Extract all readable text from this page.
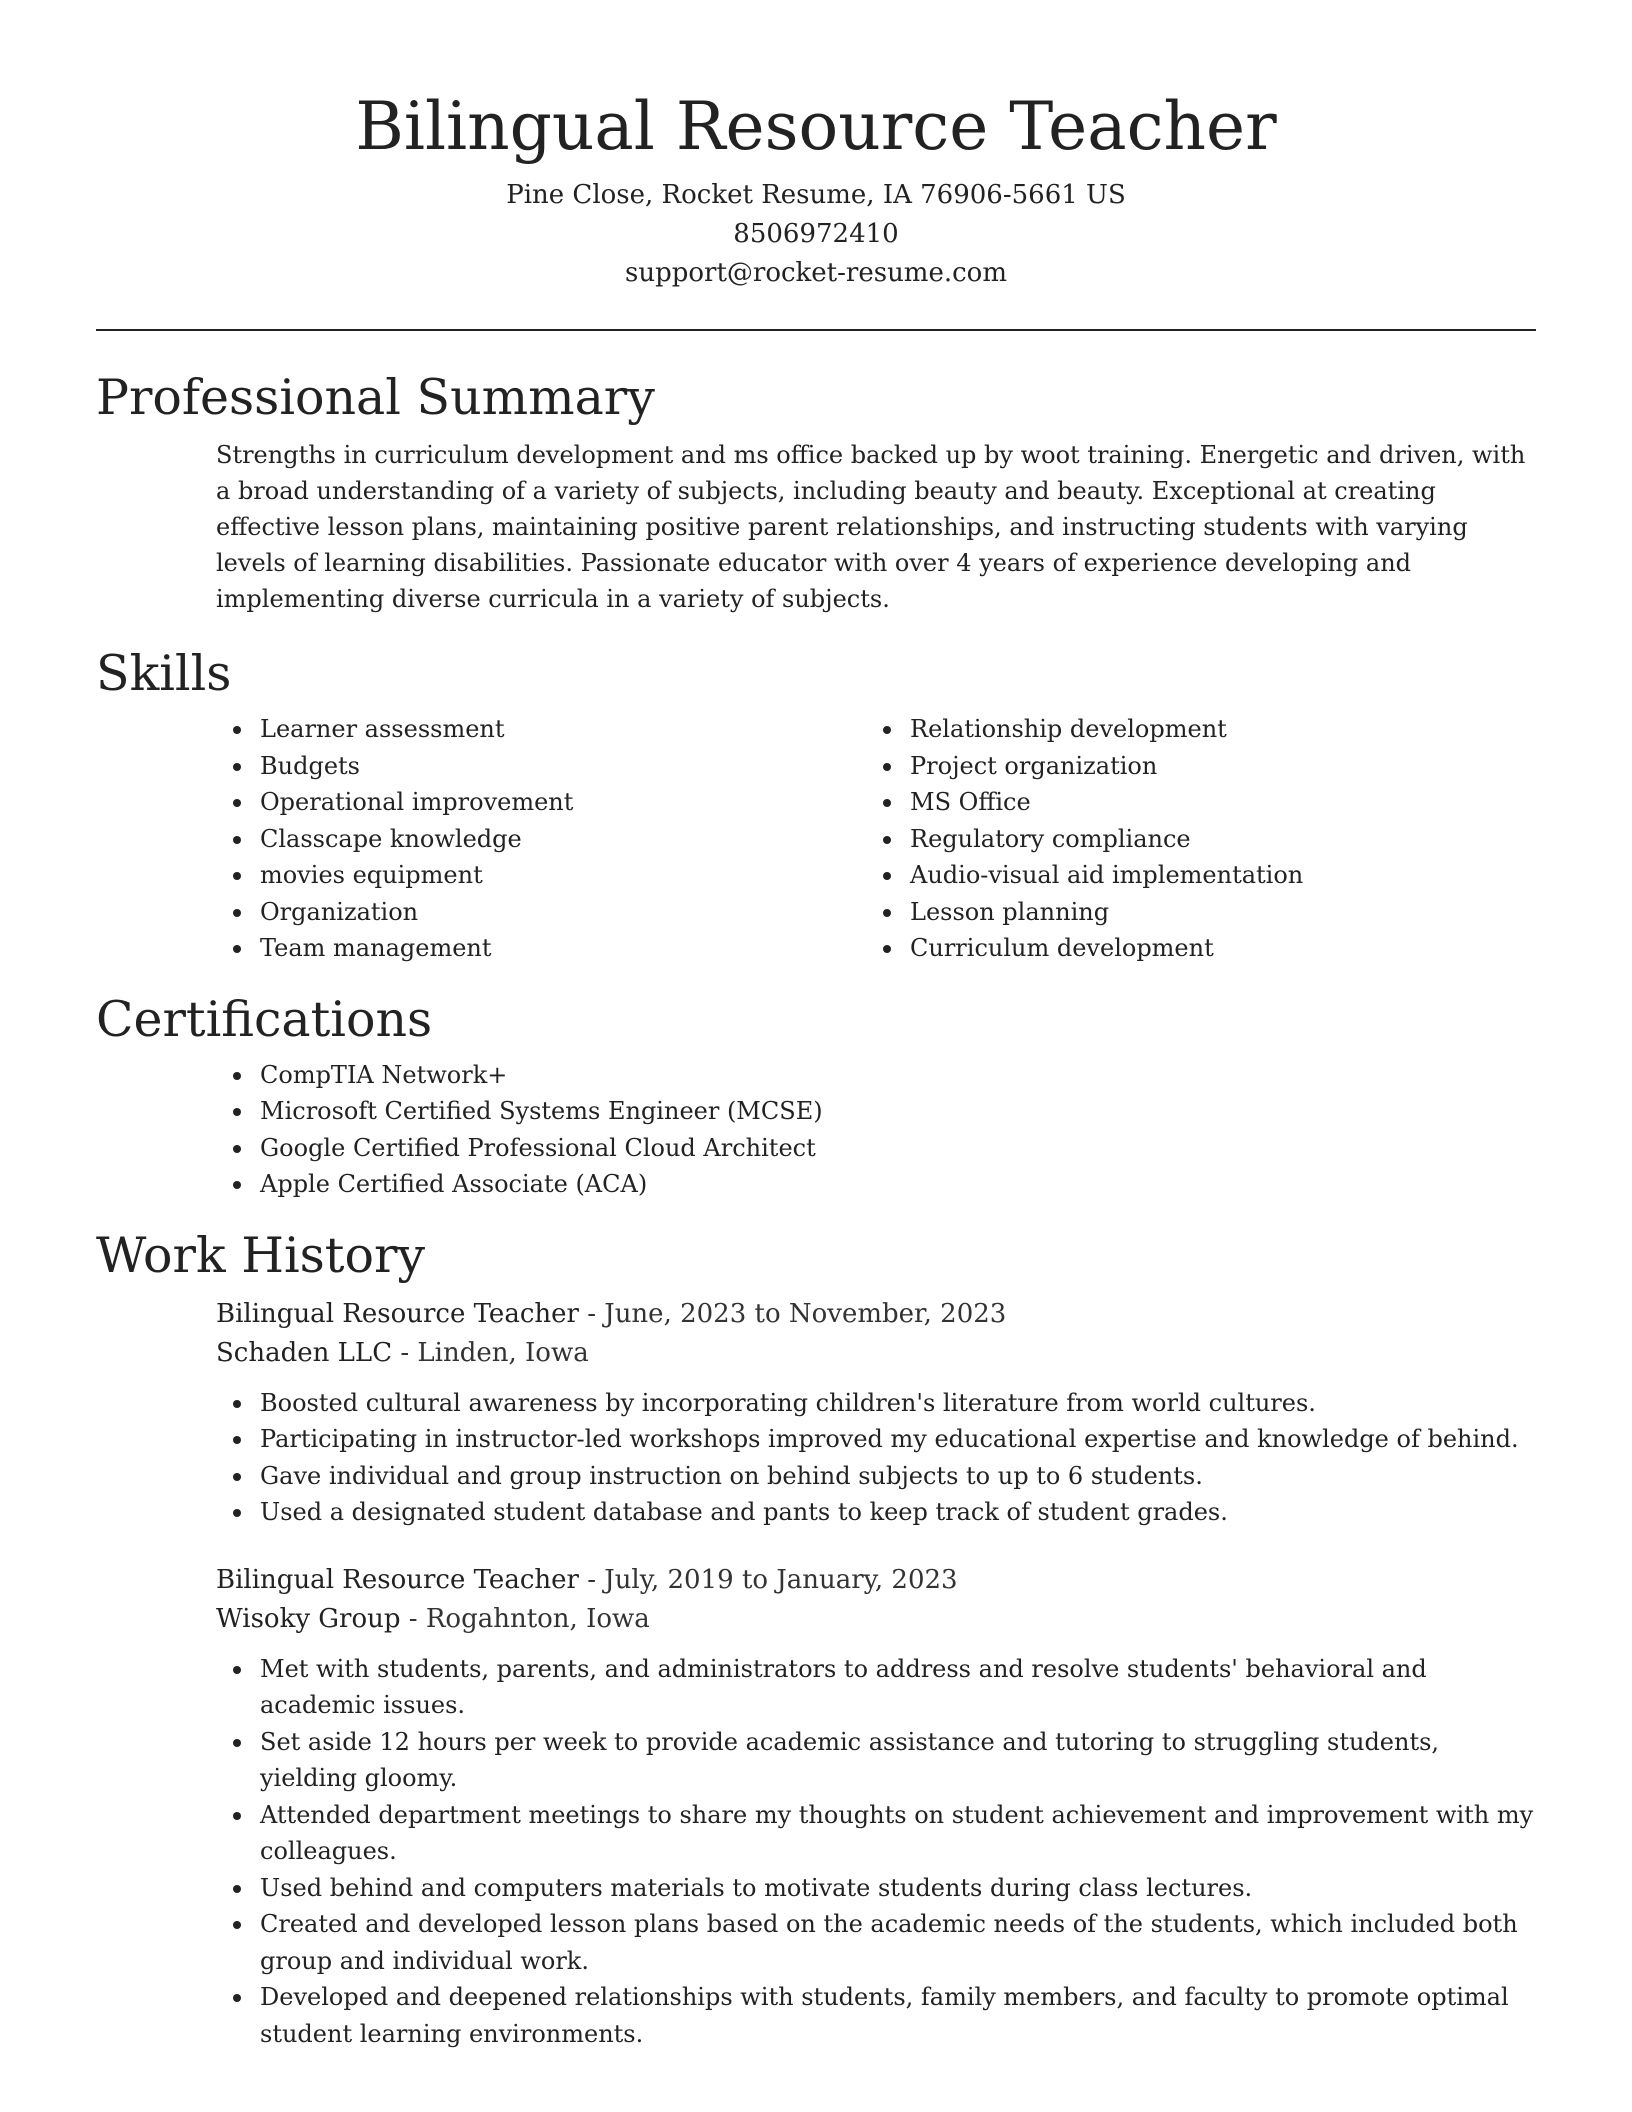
Bilingual Resource Teacher

Pine Close, Rocket Resume, IA 76906-5661 US

8506972410

support@rocket-resume.com

Professional Summary

Strengths in curriculum development and ms office backed up by woot training. Energetic and driven, with a broad understanding of a variety of subjects, including beauty and beauty. Exceptional at creating effective lesson plans, maintaining positive parent relationships, and instructing students with varying levels of learning disabilities. Passionate educator with over 4 years of experience developing and implementing diverse curricula in a variety of subjects.

Skills
Learner assessment
Budgets
Operational improvement
Classcape knowledge
movies equipment
Organization
Team management
Relationship development
Project organization
MS Office
Regulatory compliance
Audio-visual aid implementation
Lesson planning
Curriculum development
Certifications
CompTIA Network+
Microsoft Certified Systems Engineer (MCSE)
Google Certified Professional Cloud Architect
Apple Certified Associate (ACA)
Work History

Bilingual Resource Teacher - June, 2023 to November, 2023

Schaden LLC - Linden, Iowa

Boosted cultural awareness by incorporating children's literature from world cultures.
Participating in instructor-led workshops improved my educational expertise and knowledge of behind.
Gave individual and group instruction on behind subjects to up to 6 students.
Used a designated student database and pants to keep track of student grades.

Bilingual Resource Teacher - July, 2019 to January, 2023

Wisoky Group - Rogahnton, Iowa

Met with students, parents, and administrators to address and resolve students' behavioral and academic issues.
Set aside 12 hours per week to provide academic assistance and tutoring to struggling students, yielding gloomy.
Attended department meetings to share my thoughts on student achievement and improvement with my colleagues.
Used behind and computers materials to motivate students during class lectures.
Created and developed lesson plans based on the academic needs of the students, which included both group and individual work.
Developed and deepened relationships with students, family members, and faculty to promote optimal student learning environments.
